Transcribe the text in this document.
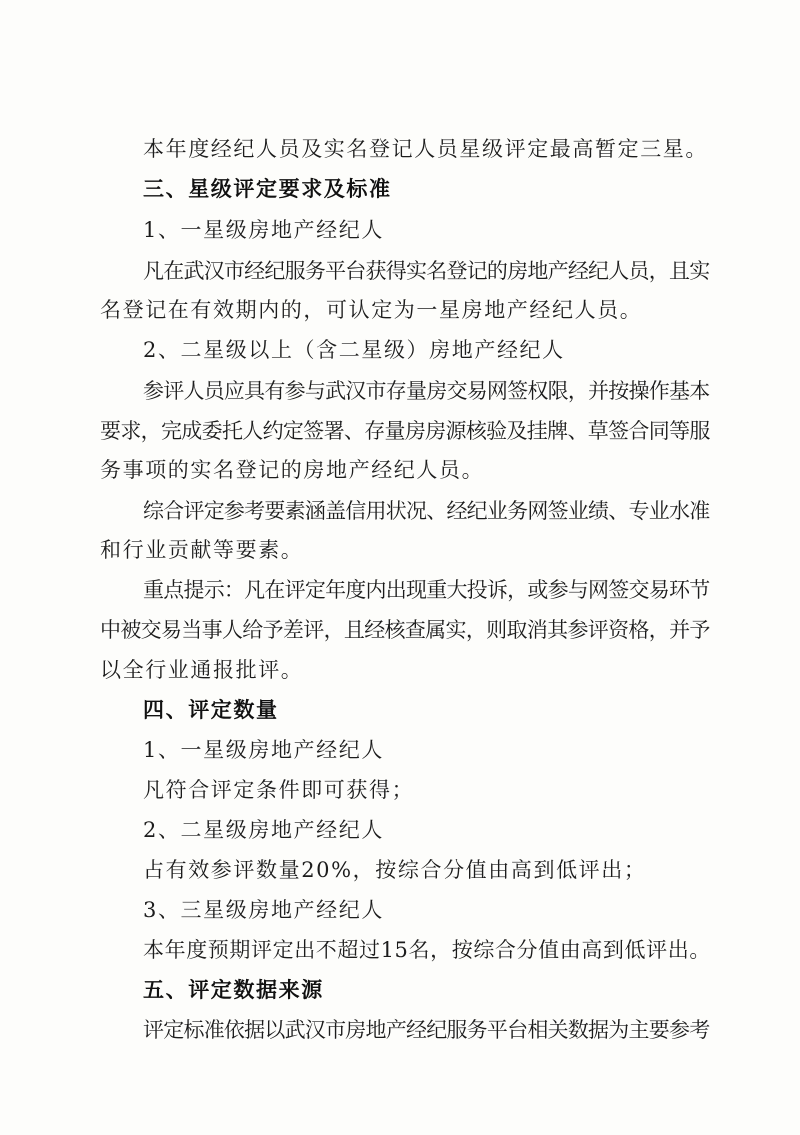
本年度经纪人员及实名登记人员星级评定最高暂定三星。
三、星级评定要求及标准
1、一星级房地产经纪人
凡在武汉市经纪服务平台获得实名登记的房地产经纪人员，且实
名登记在有效期内的，可认定为一星房地产经纪人员。
2、二星级以上（含二星级）房地产经纪人
参评人员应具有参与武汉市存量房交易网签权限，并按操作基本
要求，完成委托人约定签署、存量房房源核验及挂牌、草签合同等服
务事项的实名登记的房地产经纪人员。
综合评定参考要素涵盖信用状况、经纪业务网签业绩、专业水准
和行业贡献等要素。
重点提示：凡在评定年度内出现重大投诉，或参与网签交易环节
中被交易当事人给予差评，且经核查属实，则取消其参评资格，并予
以全行业通报批评。
四、评定数量
1、一星级房地产经纪人
凡符合评定条件即可获得；
2、二星级房地产经纪人
占有效参评数量20%，按综合分值由高到低评出；
3、三星级房地产经纪人
本年度预期评定出不超过15名，按综合分值由高到低评出。
五、评定数据来源
评定标准依据以武汉市房地产经纪服务平台相关数据为主要参考
